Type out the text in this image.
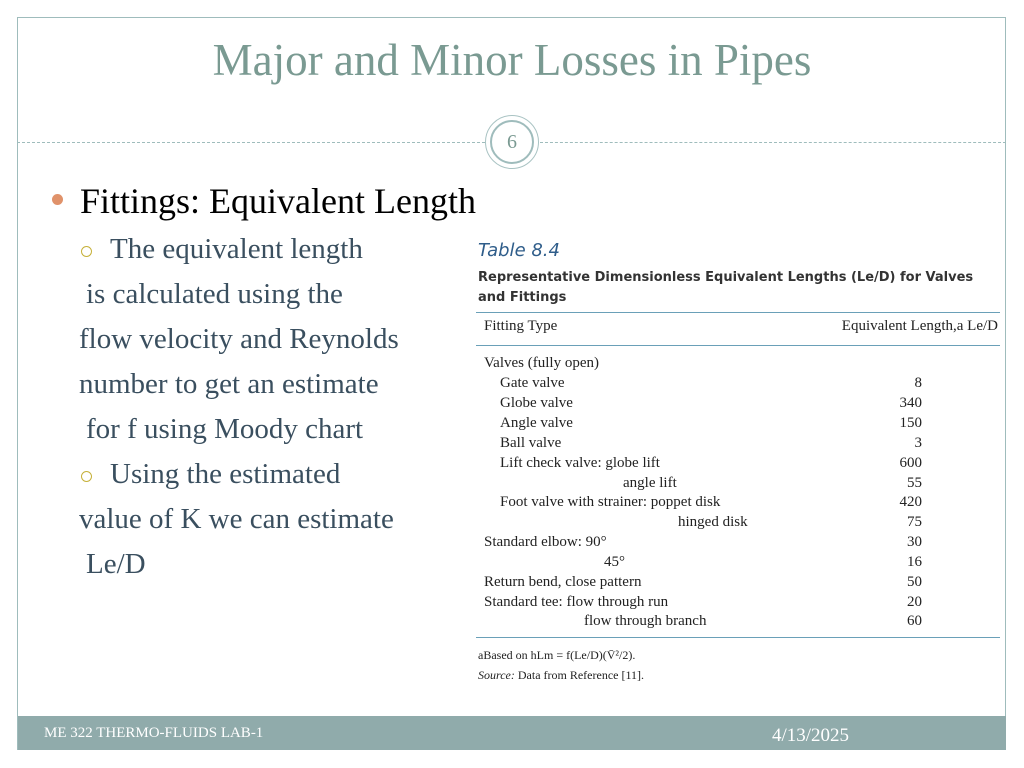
Major and Minor Losses in Pipes
6
Fittings: Equivalent Length
The equivalent length
is calculated using the
flow velocity and Reynolds
number to get an estimate
for f using Moody chart
Using the estimated
value of K we can estimate
Le/D
Table 8.4
Representative Dimensionless Equivalent Lengths (Le/D) for Valves and Fittings
Fitting Type	Equivalent Length,a Le/D
Valves (fully open)
Gate valve	8
Globe valve	340
Angle valve	150
Ball valve	3
Lift check valve: globe lift	600
angle lift	55
Foot valve with strainer: poppet disk	420
hinged disk	75
Standard elbow: 90°	30
45°	16
Return bend, close pattern	50
Standard tee: flow through run	20
flow through branch	60
aBased on hLm = f(Le/D)(V̄²/2).
Source: Data from Reference [11].
ME 322 THERMO-FLUIDS LAB-1	4/13/2025
